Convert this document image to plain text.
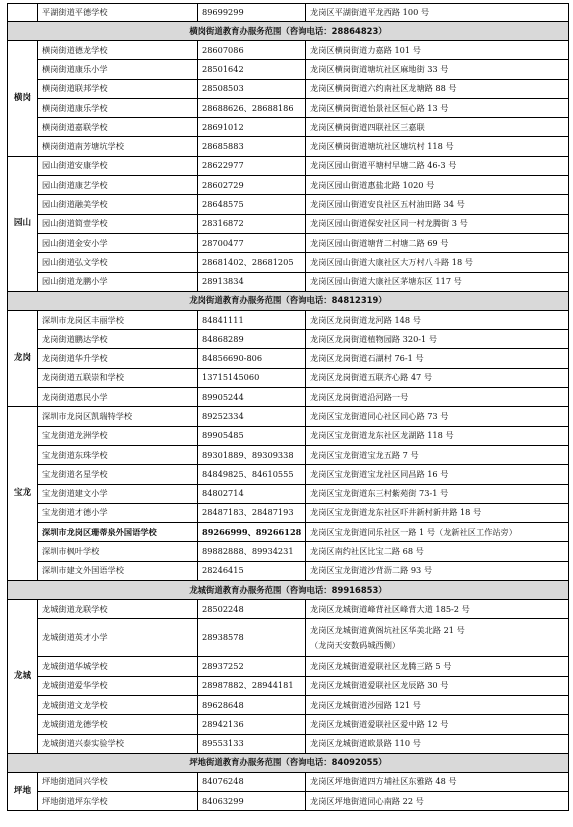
	平湖街道平德学校	89699299	龙岗区平湖街道平龙西路 100 号
横岗街道教育办服务范围（咨询电话：28864823）			
横岗	横岗街道德龙学校	28607086	龙岗区横岗街道力嘉路 101 号
	横岗街道康乐小学	28501642	龙岗区横岗街道塘坑社区麻地街 33 号
	横岗街道联邦学校	28508503	龙岗区横岗街道六约南社区龙塘路 88 号
	横岗街道康乐学校	28688626、28688186	龙岗区横岗街道怡景社区恒心路 13 号
	横岗街道嘉联学校	28691012	龙岗区横岗街道四联社区三嘉联
	横岗街道南芳塘坑学校	28685883	龙岗区横岗街道塘坑社区塘坑村 118 号
园山	园山街道安康学校	28622977	龙岗区园山街道平塘村早塘二路 46-3 号
	园山街道康艺学校	28602729	龙岗区园山街道惠盐北路 1020 号
	园山街道融美学校	28648575	龙岗区园山街道安良社区五村油田路 34 号
	园山街道简壹学校	28316872	龙岗区园山街道保安社区同一村龙腾街 3 号
	园山街道金安小学	28700477	龙岗区园山街道塘背二村塘二路 69 号
	园山街道弘文学校	28681402、28681205	龙岗区园山街道大康社区大万村八斗路 18 号
	园山街道龙鹏小学	28913834	龙岗区园山街道大康社区茅塘东区 117 号
龙岗街道教育办服务范围（咨询电话：84812319）			
龙岗	深圳市龙岗区丰丽学校	84841111	龙岗区龙岗街道龙河路 148 号
	龙岗街道鹏达学校	84868289	龙岗区龙岗街道植物园路 320-1 号
	龙岗街道华升学校	84856690-806	龙岗区龙岗街道石湖村 76-1 号
	龙岗街道五联崇和学校	13715145060	龙岗区龙岗街道五联齐心路 47 号
	龙岗街道惠民小学	89905244	龙岗区龙岗街道沿河路一号
宝龙	深圳市龙岗区凯瑞特学校	89252334	龙岗区宝龙街道同心社区同心路 73 号
	宝龙街道龙洲学校	89905485	龙岗区宝龙街道龙东社区龙湖路 118 号
	宝龙街道东珠学校	89301889、89309338	龙岗区宝龙街道宝龙五路 7 号
	宝龙街道名星学校	84849825、84610555	龙岗区宝龙街道宝龙社区同昌路 16 号
	宝龙街道建文小学	84802714	龙岗区宝龙街道东三村紫苑街 73-1 号
	宝龙街道才德小学	28487183、28487193	龙岗区宝龙街道龙东社区吓井新村新井路 18 号
	深圳市龙岗区珊蒂泉外国语学校	89266999、89266128	龙岗区宝龙街道同乐社区一路 1 号（龙新社区工作站旁）
	深圳市枫叶学校	89882888、89934231	龙岗区南约社区比宝二路 68 号
	深圳市建文外国语学校	28246415	龙岗区宝龙街道沙背沥二路 93 号
龙城街道教育办服务范围（咨询电话：89916853）			
龙城	龙城街道龙联学校	28502248	龙岗区龙城街道峰背社区峰背大道 185-2 号
	龙城街道英才小学	28938578	龙岗区龙城街道黄阁坑社区华美北路 21 号
（龙岗天安数码城西侧）

	龙城街道华城学校	28937252	龙岗区龙城街道爱联社区龙腾三路 5 号
	龙城街道爱华学校	28987882、28944181	龙岗区龙城街道爱联社区龙辰路 30 号
	龙城街道文龙学校	89628648	龙岗区龙城街道沙园路 121 号
	龙城街道龙德学校	28942136	龙岗区龙城街道爱联社区爱中路 12 号
	龙城街道兴泰实验学校	89553133	龙岗区龙城街道欧景路 110 号
坪地街道教育办服务范围（咨询电话：84092055）			
坪地	坪地街道同兴学校	84076248	龙岗区坪地街道四方埔社区东雅路 48 号
	坪地街道坪东学校	84063299	龙岗区坪地街道同心南路 22 号
